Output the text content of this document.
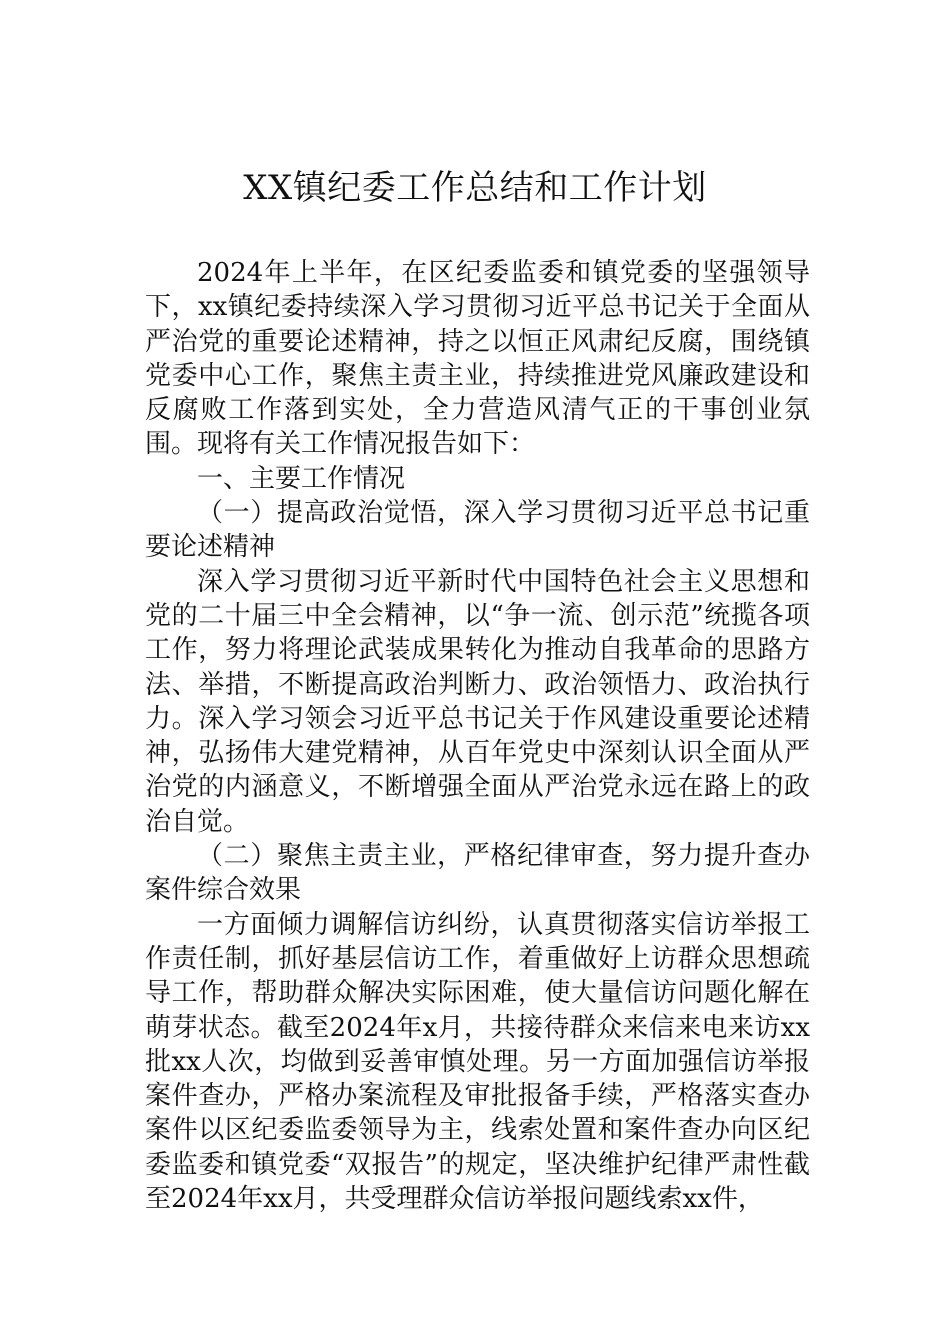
XX镇纪委工作总结和工作计划

2024年上半年，在区纪委监委和镇党委的坚强领导下，xx镇纪委持续深入学习贯彻习近平总书记关于全面从严治党的重要论述精神，持之以恒正风肃纪反腐，围绕镇党委中心工作，聚焦主责主业，持续推进党风廉政建设和反腐败工作落到实处，全力营造风清气正的干事创业氛围。现将有关工作情况报告如下：

一、主要工作情况

（一）提高政治觉悟，深入学习贯彻习近平总书记重要论述精神

深入学习贯彻习近平新时代中国特色社会主义思想和党的二十届三中全会精神，以“争一流、创示范”统揽各项工作，努力将理论武装成果转化为推动自我革命的思路方法、举措，不断提高政治判断力、政治领悟力、政治执行力。深入学习领会习近平总书记关于作风建设重要论述精神，弘扬伟大建党精神，从百年党史中深刻认识全面从严治党的内涵意义，不断增强全面从严治党永远在路上的政治自觉。

（二）聚焦主责主业，严格纪律审查，努力提升查办案件综合效果

一方面倾力调解信访纠纷，认真贯彻落实信访举报工作责任制，抓好基层信访工作，着重做好上访群众思想疏导工作，帮助群众解决实际困难，使大量信访问题化解在萌芽状态。截至2024年x月，共接待群众来信来电来访xx批xx人次，均做到妥善审慎处理。另一方面加强信访举报案件查办，严格办案流程及审批报备手续，严格落实查办案件以区纪委监委领导为主，线索处置和案件查办向区纪委监委和镇党委“双报告”的规定，坚决维护纪律严肃性截至2024年xx月，共受理群众信访举报问题线索xx件，
